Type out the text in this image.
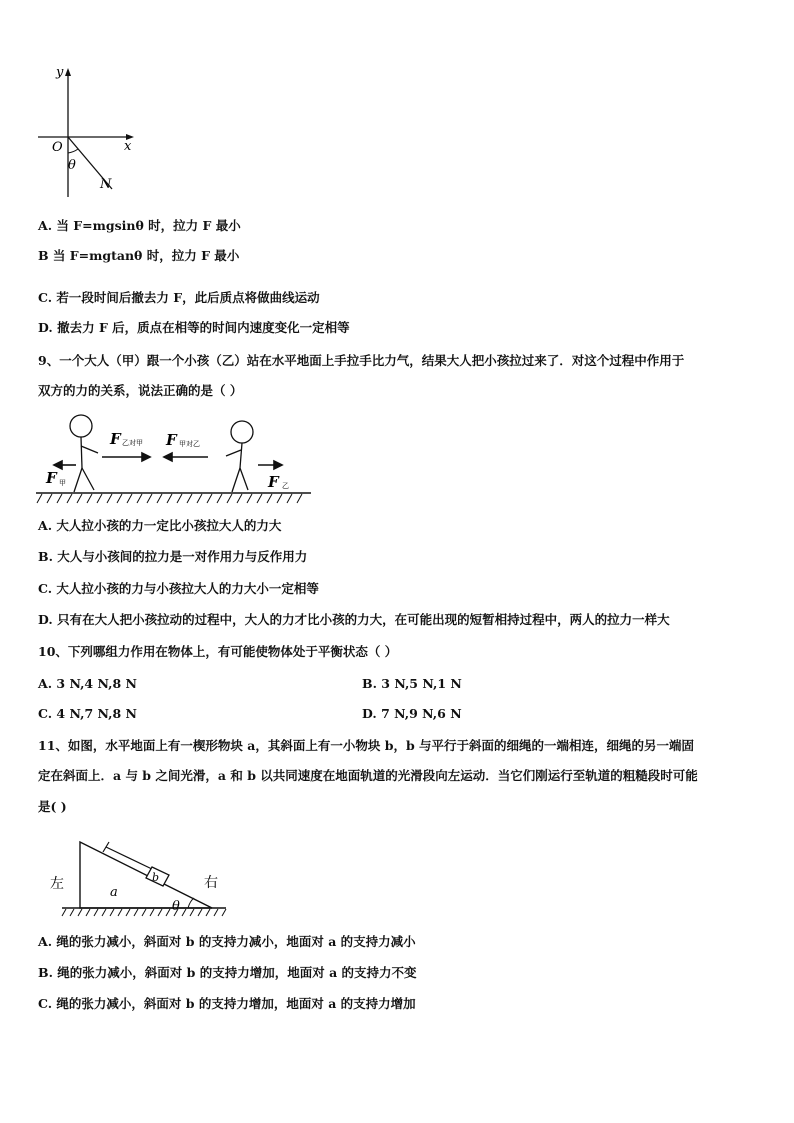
y
x
O
θ
N
A. 当 F=mgsinθ 时，拉力 F 最小
B 当 F=mgtanθ 时，拉力 F 最小
C. 若一段时间后撤去力 F，此后质点将做曲线运动
D. 撤去力 F 后，质点在相等的时间内速度变化一定相等
9、一个大人（甲）跟一个小孩（乙）站在水平地面上手拉手比力气，结果大人把小孩拉过来了．对这个过程中作用于
双方的力的关系，说法正确的是（ ）
F 乙对甲 F 甲对乙
F 甲	F 乙
A. 大人拉小孩的力一定比小孩拉大人的力大
B. 大人与小孩间的拉力是一对作用力与反作用力
C. 大人拉小孩的力与小孩拉大人的力大小一定相等
D. 只有在大人把小孩拉动的过程中，大人的力才比小孩的力大，在可能出现的短暂相持过程中，两人的拉力一样大
10、下列哪组力作用在物体上，有可能使物体处于平衡状态（ ）
A. 3 N,4 N,8 N	B. 3 N,5 N,1 N
C. 4 N,7 N,8 N	D. 7 N,9 N,6 N
11、如图，水平地面上有一楔形物块 a，其斜面上有一小物块 b，b 与平行于斜面的细绳的一端相连，细绳的另一端固
定在斜面上．a 与 b 之间光滑，a 和 b 以共同速度在地面轨道的光滑段向左运动．当它们刚运行至轨道的粗糙段时可能
是( )
左	右
a
b
θ
A. 绳的张力减小，斜面对 b 的支持力减小，地面对 a 的支持力减小
B. 绳的张力减小，斜面对 b 的支持力增加，地面对 a 的支持力不变
C. 绳的张力减小，斜面对 b 的支持力增加，地面对 a 的支持力增加
